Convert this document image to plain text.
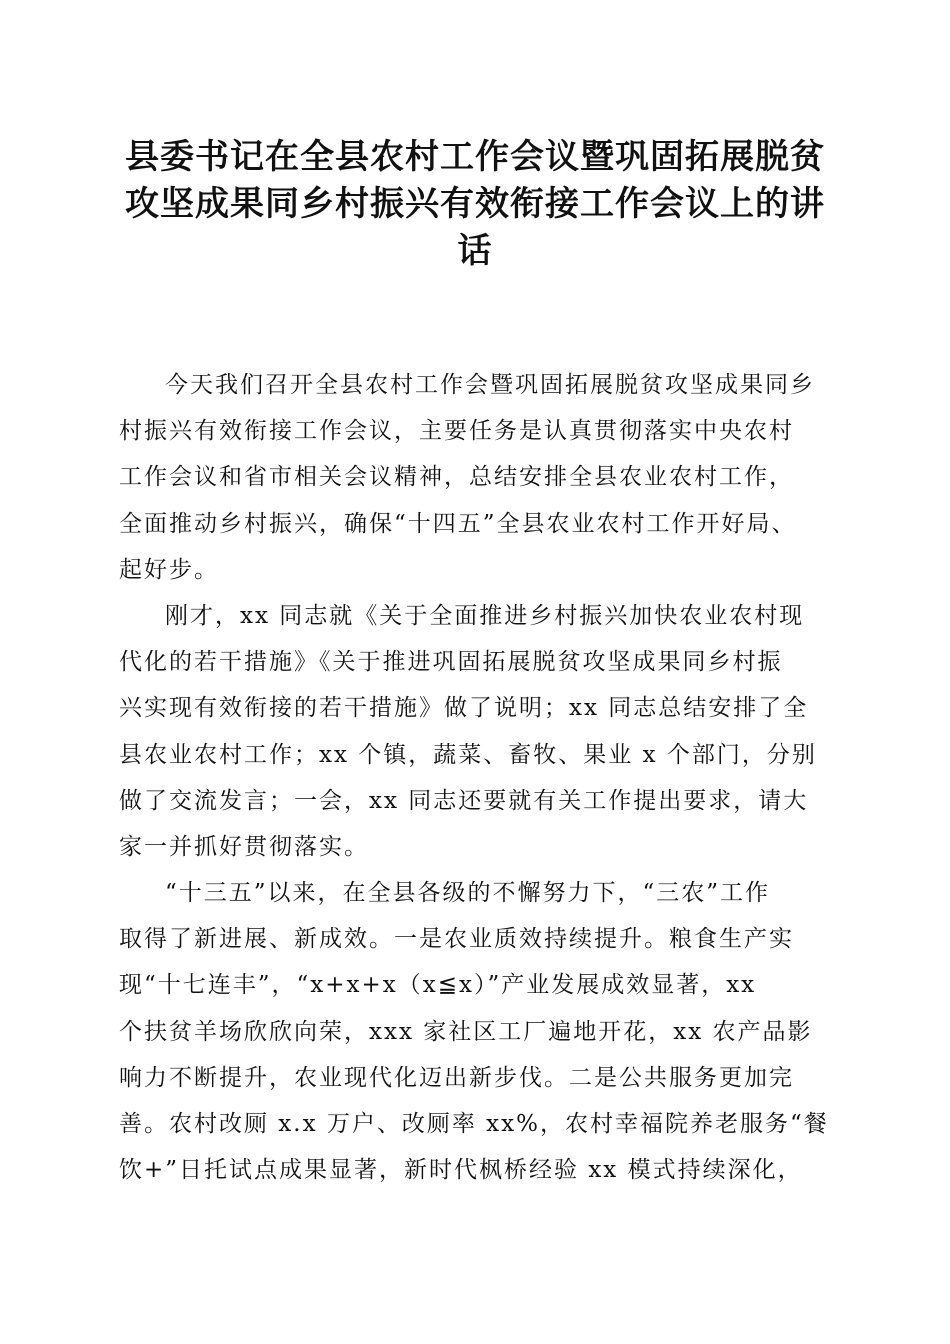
县委书记在全县农村工作会议暨巩固拓展脱贫
攻坚成果同乡村振兴有效衔接工作会议上的讲
话
今天我们召开全县农村工作会暨巩固拓展脱贫攻坚成果同乡
村振兴有效衔接工作会议，主要任务是认真贯彻落实中央农村
工作会议和省市相关会议精神，总结安排全县农业农村工作，
全面推动乡村振兴，确保“十四五”全县农业农村工作开好局、
起好步。
刚才，xx 同志就《关于全面推进乡村振兴加快农业农村现
代化的若干措施》《关于推进巩固拓展脱贫攻坚成果同乡村振
兴实现有效衔接的若干措施》做了说明；xx 同志总结安排了全
县农业农村工作；xx 个镇，蔬菜、畜牧、果业 x 个部门，分别
做了交流发言；一会，xx 同志还要就有关工作提出要求，请大
家一并抓好贯彻落实。
“十三五”以来，在全县各级的不懈努力下，“三农”工作
取得了新进展、新成效。一是农业质效持续提升。粮食生产实
现“十七连丰”，“x+x+x（x≦x）”产业发展成效显著，xx
个扶贫羊场欣欣向荣，xxx 家社区工厂遍地开花，xx 农产品影
响力不断提升，农业现代化迈出新步伐。二是公共服务更加完
善。农村改厕 x.x 万户、改厕率 xx%，农村幸福院养老服务“餐
饮+”日托试点成果显著，新时代枫桥经验 xx 模式持续深化，
